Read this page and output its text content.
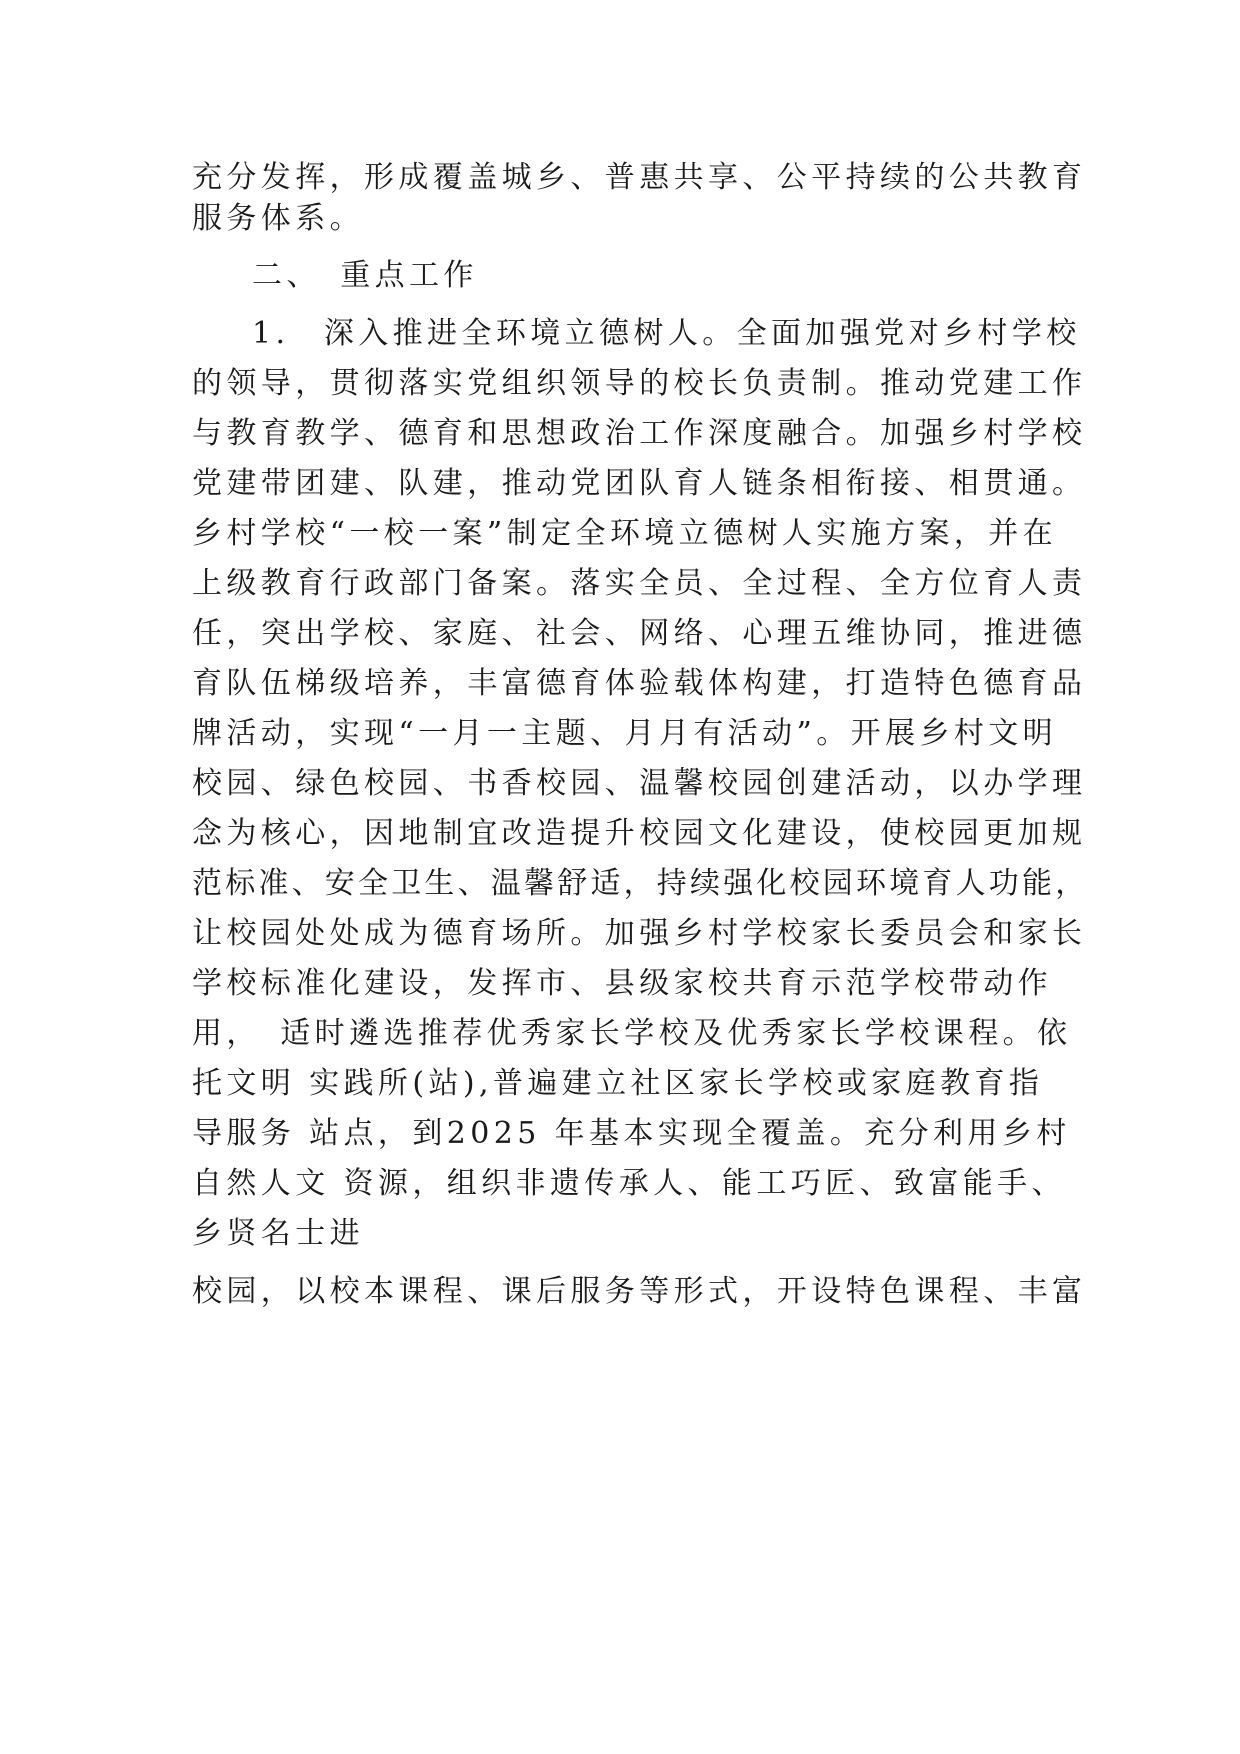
充分发挥，形成覆盖城乡、普惠共享、公平持续的公共教育
服务体系。
二、　重点工作
1.　深入推进全环境立德树人。全面加强党对乡村学校
的领导，贯彻落实党组织领导的校长负责制。推动党建工作
与教育教学、德育和思想政治工作深度融合。加强乡村学校
党建带团建、队建，推动党团队育人链条相衔接、相贯通。
乡村学校“一校一案”制定全环境立德树人实施方案，并在
上级教育行政部门备案。落实全员、全过程、全方位育人责
任，突出学校、家庭、社会、网络、心理五维协同，推进德
育队伍梯级培养，丰富德育体验载体构建，打造特色德育品
牌活动，实现“一月一主题、月月有活动”。开展乡村文明
校园、绿色校园、书香校园、温馨校园创建活动，以办学理
念为核心，因地制宜改造提升校园文化建设，使校园更加规
范标准、安全卫生、温馨舒适，持续强化校园环境育人功能，
让校园处处成为德育场所。加强乡村学校家长委员会和家长
学校标准化建设，发挥市、县级家校共育示范学校带动作
用，　适时遴选推荐优秀家长学校及优秀家长学校课程。依
托文明 实践所(站),普遍建立社区家长学校或家庭教育指
导服务 站点，到2025 年基本实现全覆盖。充分利用乡村
自然人文 资源，组织非遗传承人、能工巧匠、致富能手、
乡贤名士进
校园，以校本课程、课后服务等形式，开设特色课程、丰富
